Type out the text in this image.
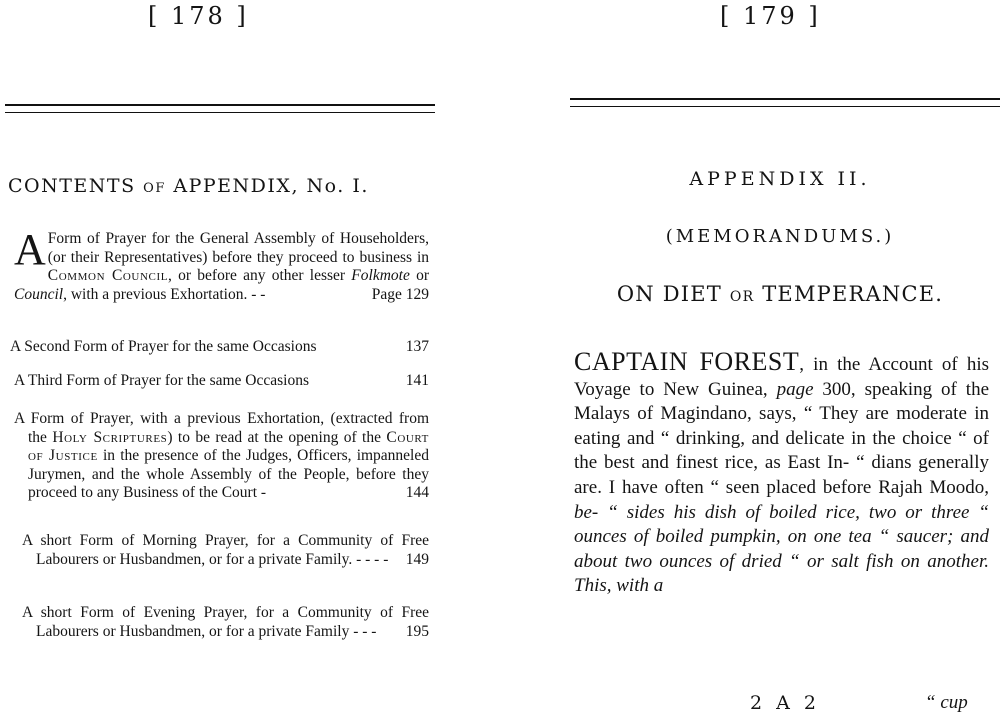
[ 178 ]
CONTENTS OF APPENDIX, No. I.
A Form of Prayer for the General Assembly of Householders, (or their Representatives) before they proceed to business in Common Council, or before any other lesser Folkmote or Council, with a previous Exhortation. - -	Page 129
A Second Form of Prayer for the same Occasions	137
A Third Form of Prayer for the same Occasions	141
A Form of Prayer, with a previous Exhortation, (extracted from the Holy Scriptures) to be read at the opening of the Court of Justice in the presence of the Judges, Officers, impanneled Jurymen, and the whole Assembly of the People, before they proceed to any Business of the Court -	144
A short Form of Morning Prayer, for a Community of Free Labourers or Husbandmen, or for a private Family. - - - - 149
A short Form of Evening Prayer, for a Community of Free Labourers or Husbandmen, or for a private Family - - - 195
[ 179 ]
APPENDIX II.
(MEMORANDUMS.)
ON DIET OR TEMPERANCE.
CAPTAIN FOREST, in the Account of his Voyage to New Guinea, page 300, speaking of the Malays of Magindano, says, “ They are moderate in eating and “ drinking, and delicate in the choice “ of the best and finest rice, as East In- “ dians generally are. I have often “ seen placed before Rajah Moodo, be- “ sides his dish of boiled rice, two or three “ ounces of boiled pumpkin, on one tea “ saucer; and about two ounces of dried “ or salt fish on another. This, with a
2 A 2	“ cup
